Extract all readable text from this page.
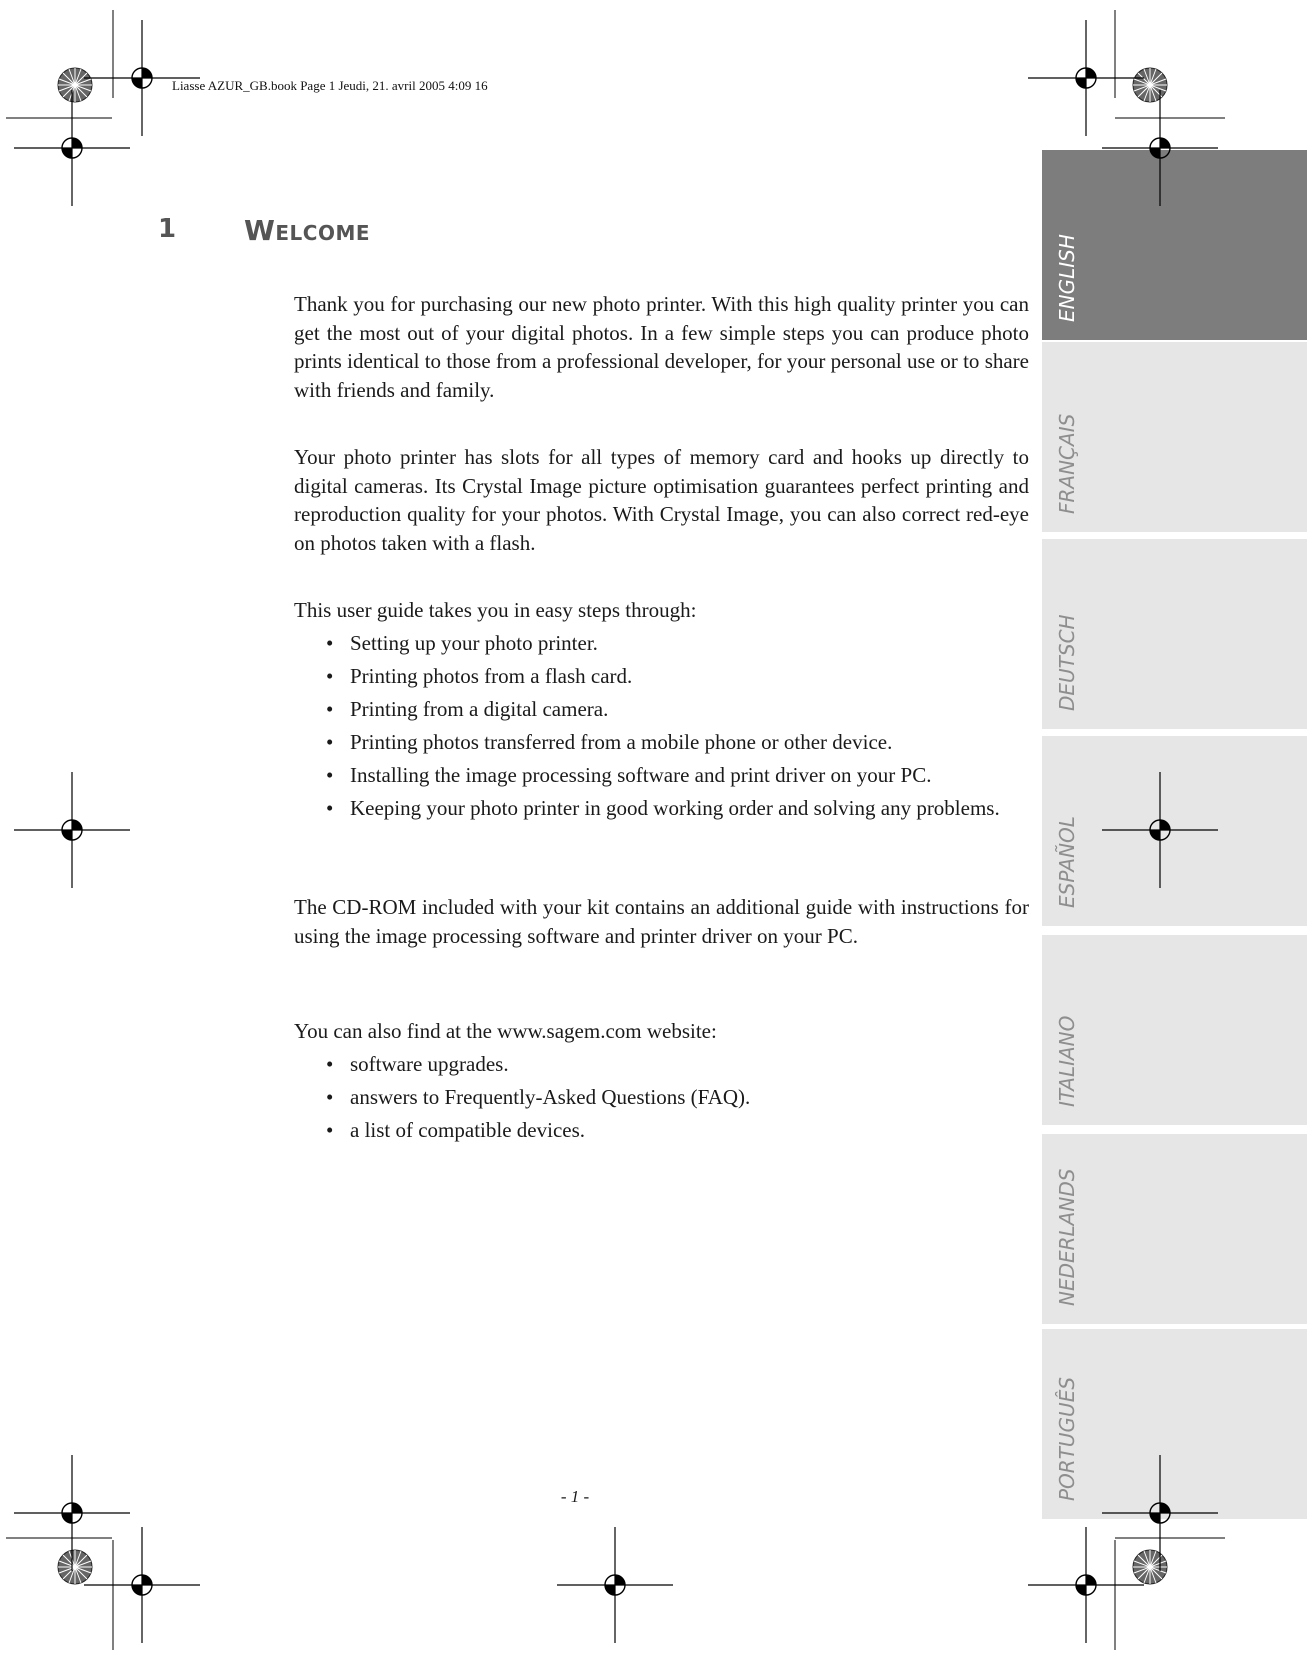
Liasse AZUR_GB.book Page 1 Jeudi, 21. avril 2005 4:09 16
1 Welcome
Thank you for purchasing our new photo printer. With this high quality printer you can get the most out of your digital photos. In a few simple steps you can produce photo prints identical to those from a professional developer, for your personal use or to share with friends and family.
Your photo printer has slots for all types of memory card and hooks up directly to digital cameras. Its Crystal Image picture optimisation guarantees perfect printing and reproduction quality for your photos. With Crystal Image, you can also correct red-eye on photos taken with a flash.
This user guide takes you in easy steps through:
• Setting up your photo printer.
• Printing photos from a flash card.
• Printing from a digital camera.
• Printing photos transferred from a mobile phone or other device.
• Installing the image processing software and print driver on your PC.
• Keeping your photo printer in good working order and solving any problems.
The CD-ROM included with your kit contains an additional guide with instructions for using the image processing software and printer driver on your PC.
You can also find at the www.sagem.com website:
• software upgrades.
• answers to Frequently-Asked Questions (FAQ).
• a list of compatible devices.
- 1 -
ENGLISH
FRANÇAIS
DEUTSCH
ESPAÑOL
ITALIANO
NEDERLANDS
PORTUGUÊS
